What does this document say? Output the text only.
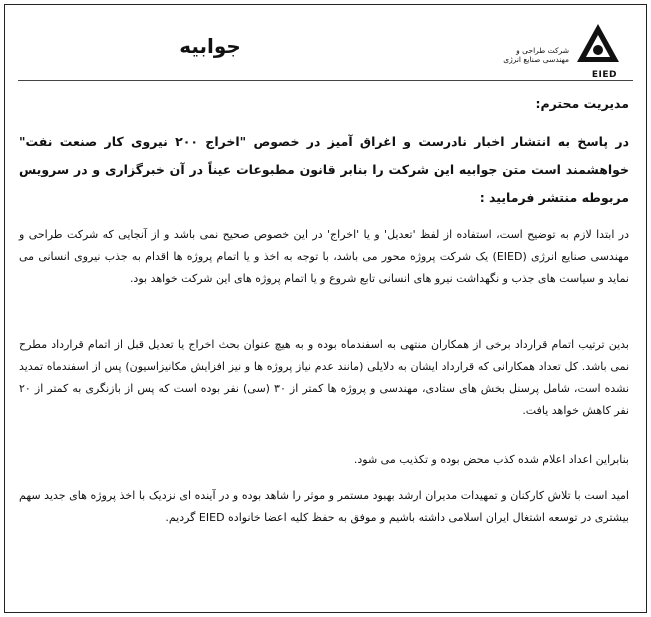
جوابیه	شرکت طراحی و مهندسی صنایع انرژی
EIED
مدیریت محترم:
در پاسخ به انتشار اخبار نادرست و اغراق آمیز در خصوص "اخراج ۲۰۰ نیروی کار صنعت نفت" خواهشمند است متن جوابیه این شرکت را بنابر قانون مطبوعات عیناً در آن خبرگزاری و در سرویس مربوطه منتشر فرمایید :
در ابتدا لازم به توضیح است، استفاده از لفظ 'تعدیل' و یا 'اخراج' در این خصوص صحیح نمی باشد و از آنجایی که شرکت طراحی و مهندسی صنایع انرژی (EIED) یک شرکت پروژه محور می باشد، با توجه به اخذ و یا اتمام پروژه ها اقدام به جذب نیروی انسانی می نماید و سیاست های جذب و نگهداشت نیرو های انسانی تابع شروع و یا اتمام پروژه های این شرکت خواهد بود.
بدین ترتیب اتمام قرارداد برخی از همکاران منتهی به اسفندماه بوده و به هیچ عنوان بحث اخراج یا تعدیل قبل از اتمام قرارداد مطرح نمی باشد. کل تعداد همکارانی که قرارداد ایشان به دلایلی (مانند عدم نیاز پروژه ها و نیز افزایش مکانیزاسیون) پس از اسفندماه تمدید نشده است، شامل پرسنل بخش های ستادی، مهندسی و پروژه ها کمتر از ۳۰ (سی) نفر بوده است که پس از بازنگری به کمتر از ۲۰ نفر کاهش خواهد یافت.
بنابراین اعداد اعلام شده کذب محض بوده و تکذیب می شود.
امید است با تلاش کارکنان و تمهیدات مدیران ارشد بهبود مستمر و موثر را شاهد بوده و در آینده ای نزدیک با اخذ پروژه های جدید سهم بیشتری در توسعه اشتغال ایران اسلامی داشته باشیم و موفق به حفظ کلیه اعضا خانواده EIED گردیم.
